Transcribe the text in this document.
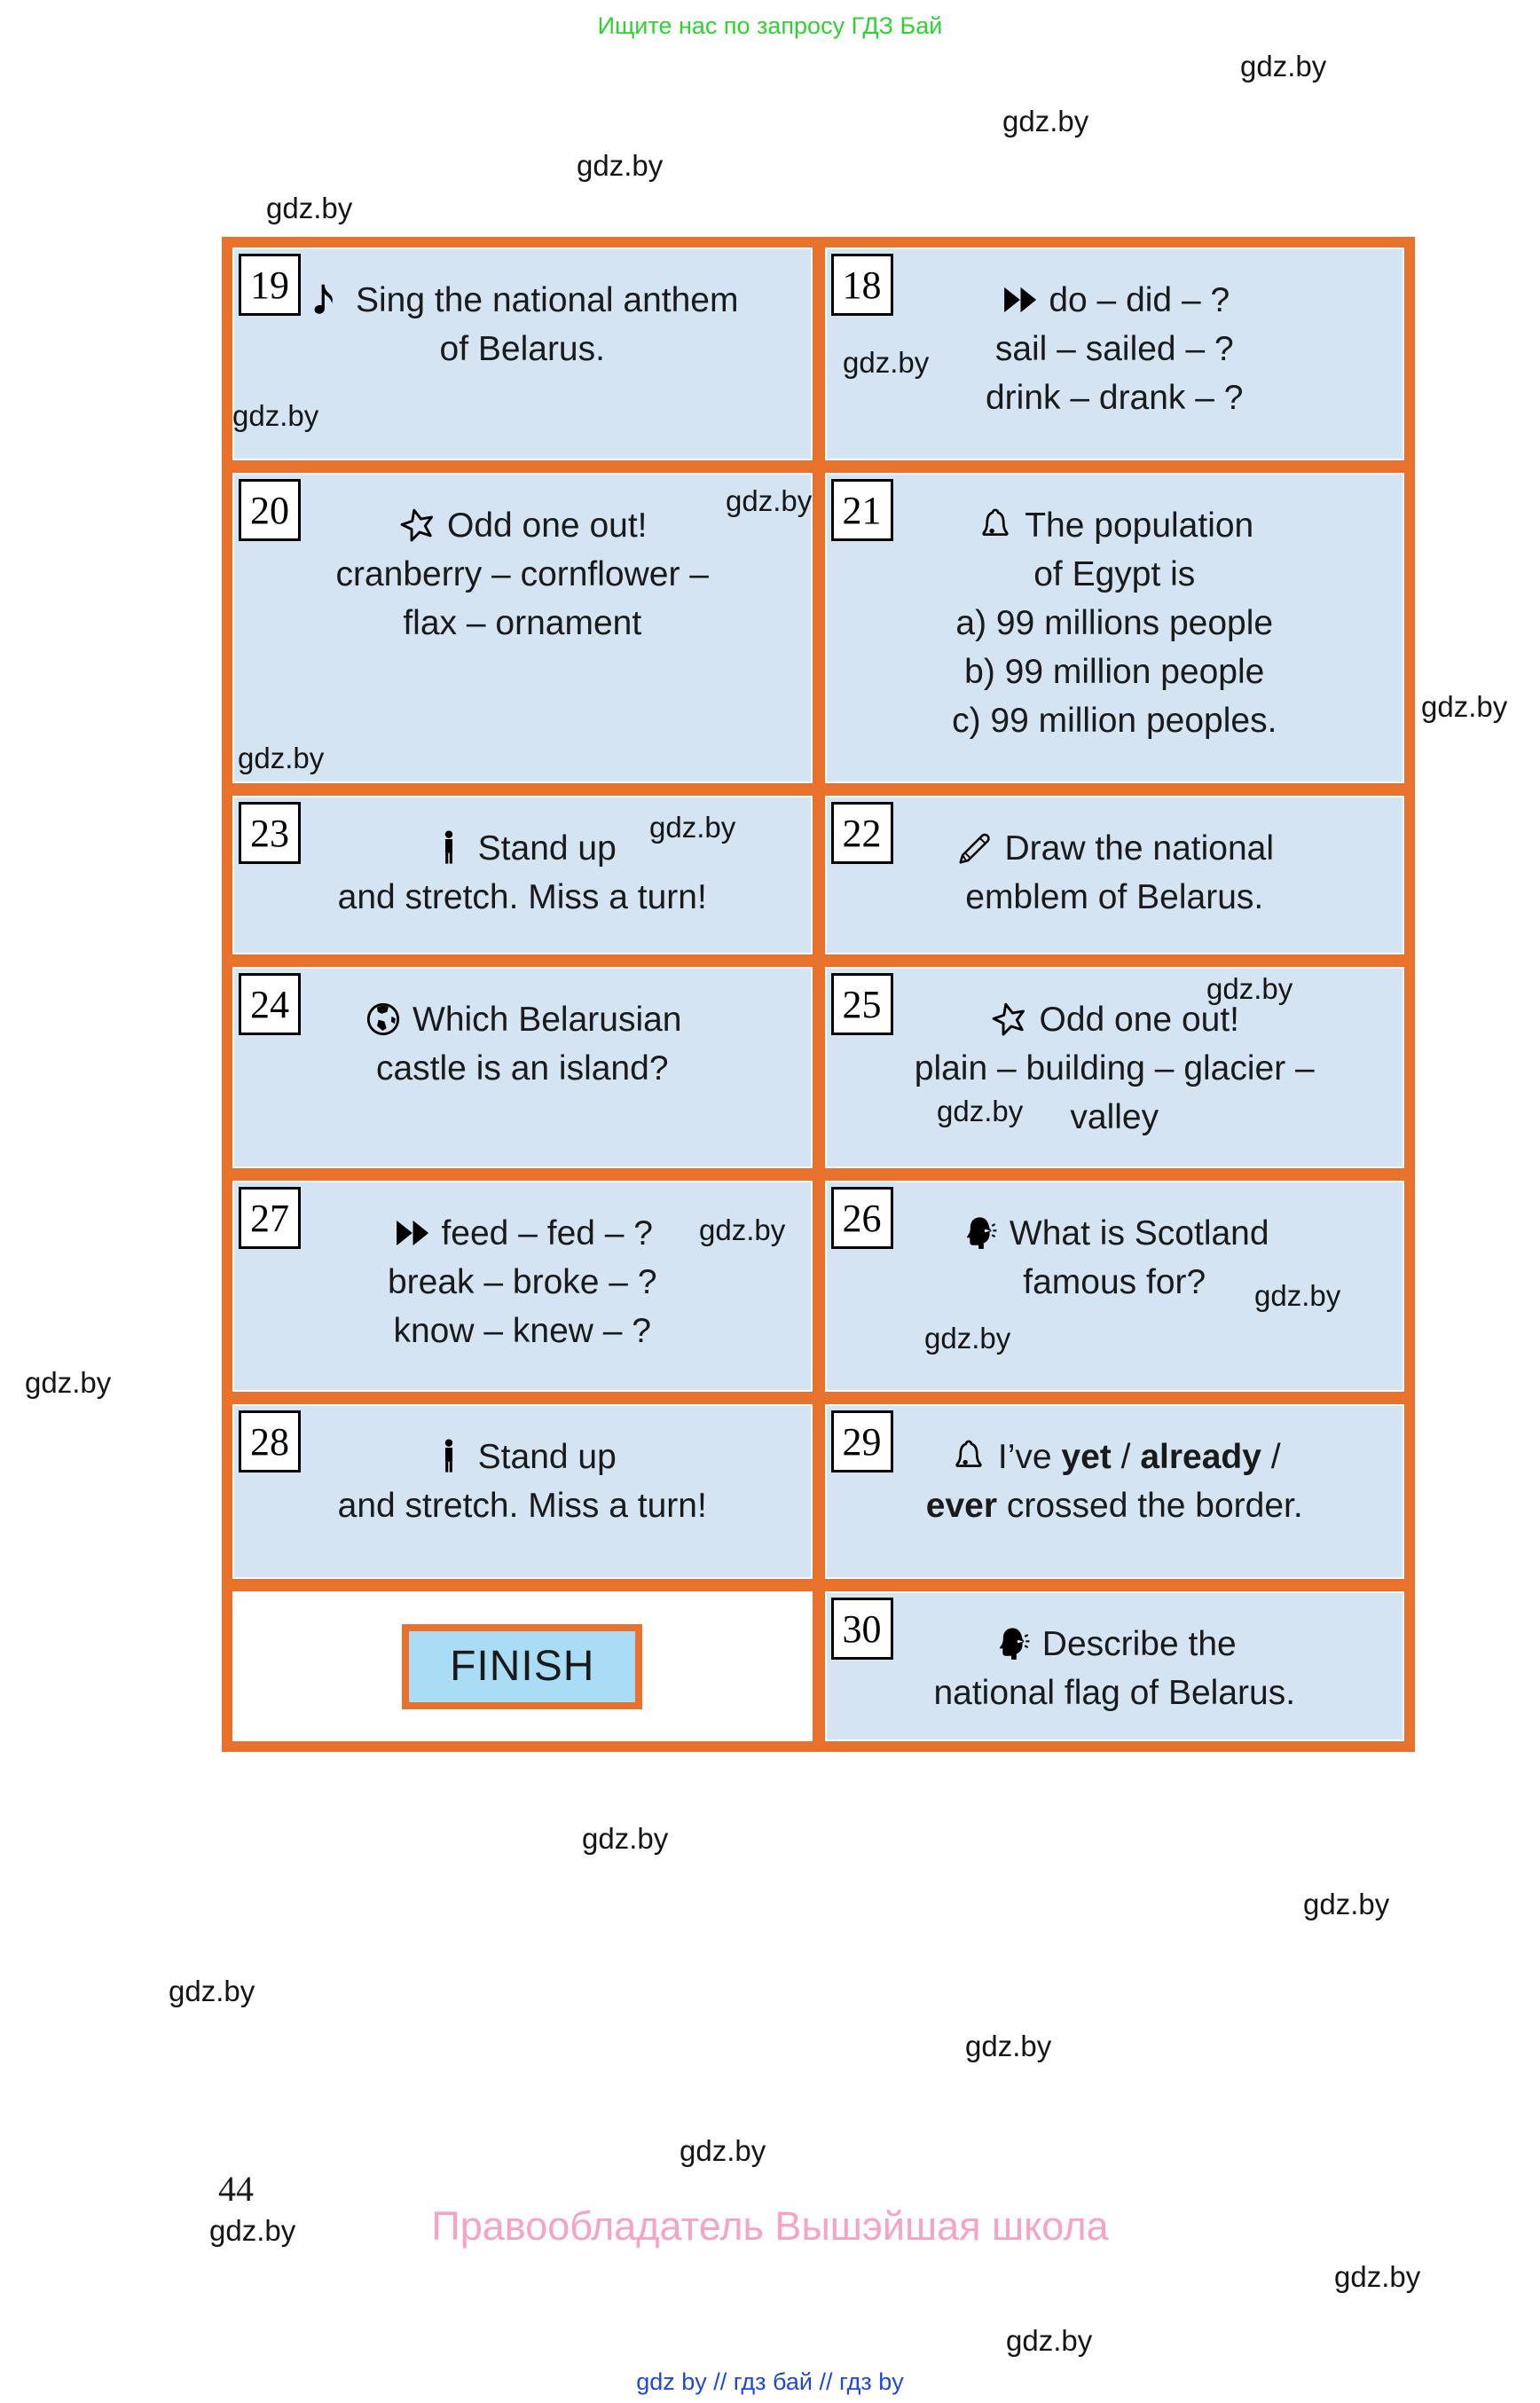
Ищите нас по запросу ГДЗ Бай
19	Sing the national anthem
of Belarus.
18	do – did – ?
sail – sailed – ?
drink – drank – ?
20	Odd one out!
cranberry – cornflower –
flax – ornament
21	The population
of Egypt is
a) 99 millions people
b) 99 million people
c) 99 million peoples.
23	Stand up
and stretch. Miss a turn!
22	Draw the national
emblem of Belarus.
24	Which Belarusian
castle is an island?
25	Odd one out!
plain – building – glacier –
valley
27	feed – fed – ?
break – broke – ?
know – knew – ?
26	What is Scotland
famous for?
28	Stand up
and stretch. Miss a turn!
29	I’ve yet / already /
ever crossed the border.
FINISH
30	Describe the
national flag of Belarus.
gdz.by
gdz.by
gdz.by
gdz.by
gdz.by
gdz.by
gdz.by
gdz.by
gdz.by
gdz.by
gdz.by
gdz.by
gdz.by
gdz.by
gdz.by
gdz.by
gdz.by
gdz.by
gdz.by
gdz.by
gdz.by
gdz.by
gdz.by
gdz.by
44
Правообладатель Вышэйшая школа
gdz by // гдз бай // гдз by
